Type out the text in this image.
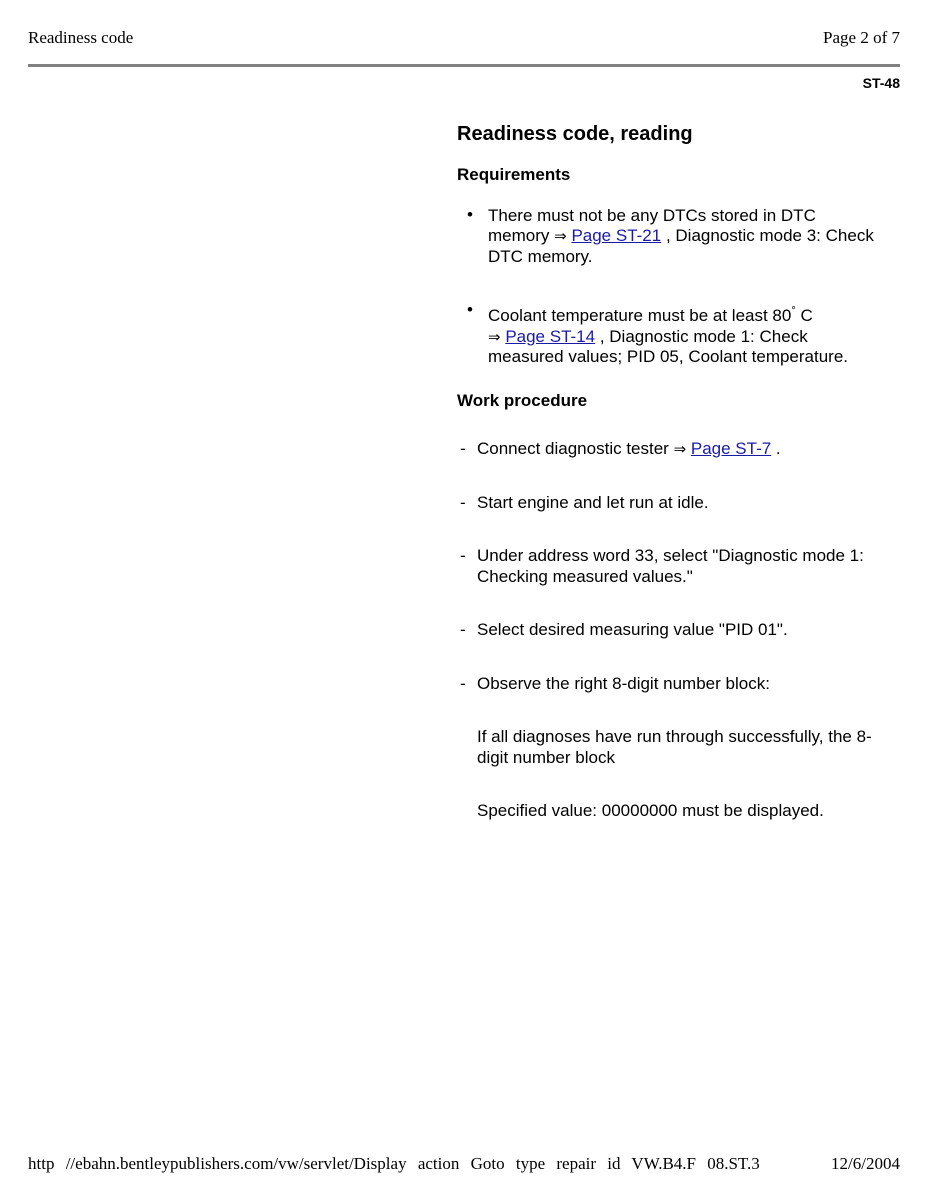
Readiness code	Page 2 of 7
ST-48

Readiness code, reading

Requirements

• There must not be any DTCs stored in DTC memory ⇒ Page ST-21 , Diagnostic mode 3: Check DTC memory.
• Coolant temperature must be at least 80° C
⇒ Page ST-14 , Diagnostic mode 1: Check measured values; PID 05, Coolant temperature.

Work procedure

- Connect diagnostic tester ⇒ Page ST-7 .
- Start engine and let run at idle.
- Under address word 33, select "Diagnostic mode 1: Checking measured values."
- Select desired measuring value "PID 01".
- Observe the right 8-digit number block:
If all diagnoses have run through successfully, the 8-digit number block
Specified value: 00000000 must be displayed.
http //ebahn.bentleypublishers.com/vw/servlet/Display action Goto type repair id VW.B4.F 08.ST.3	12/6/2004
